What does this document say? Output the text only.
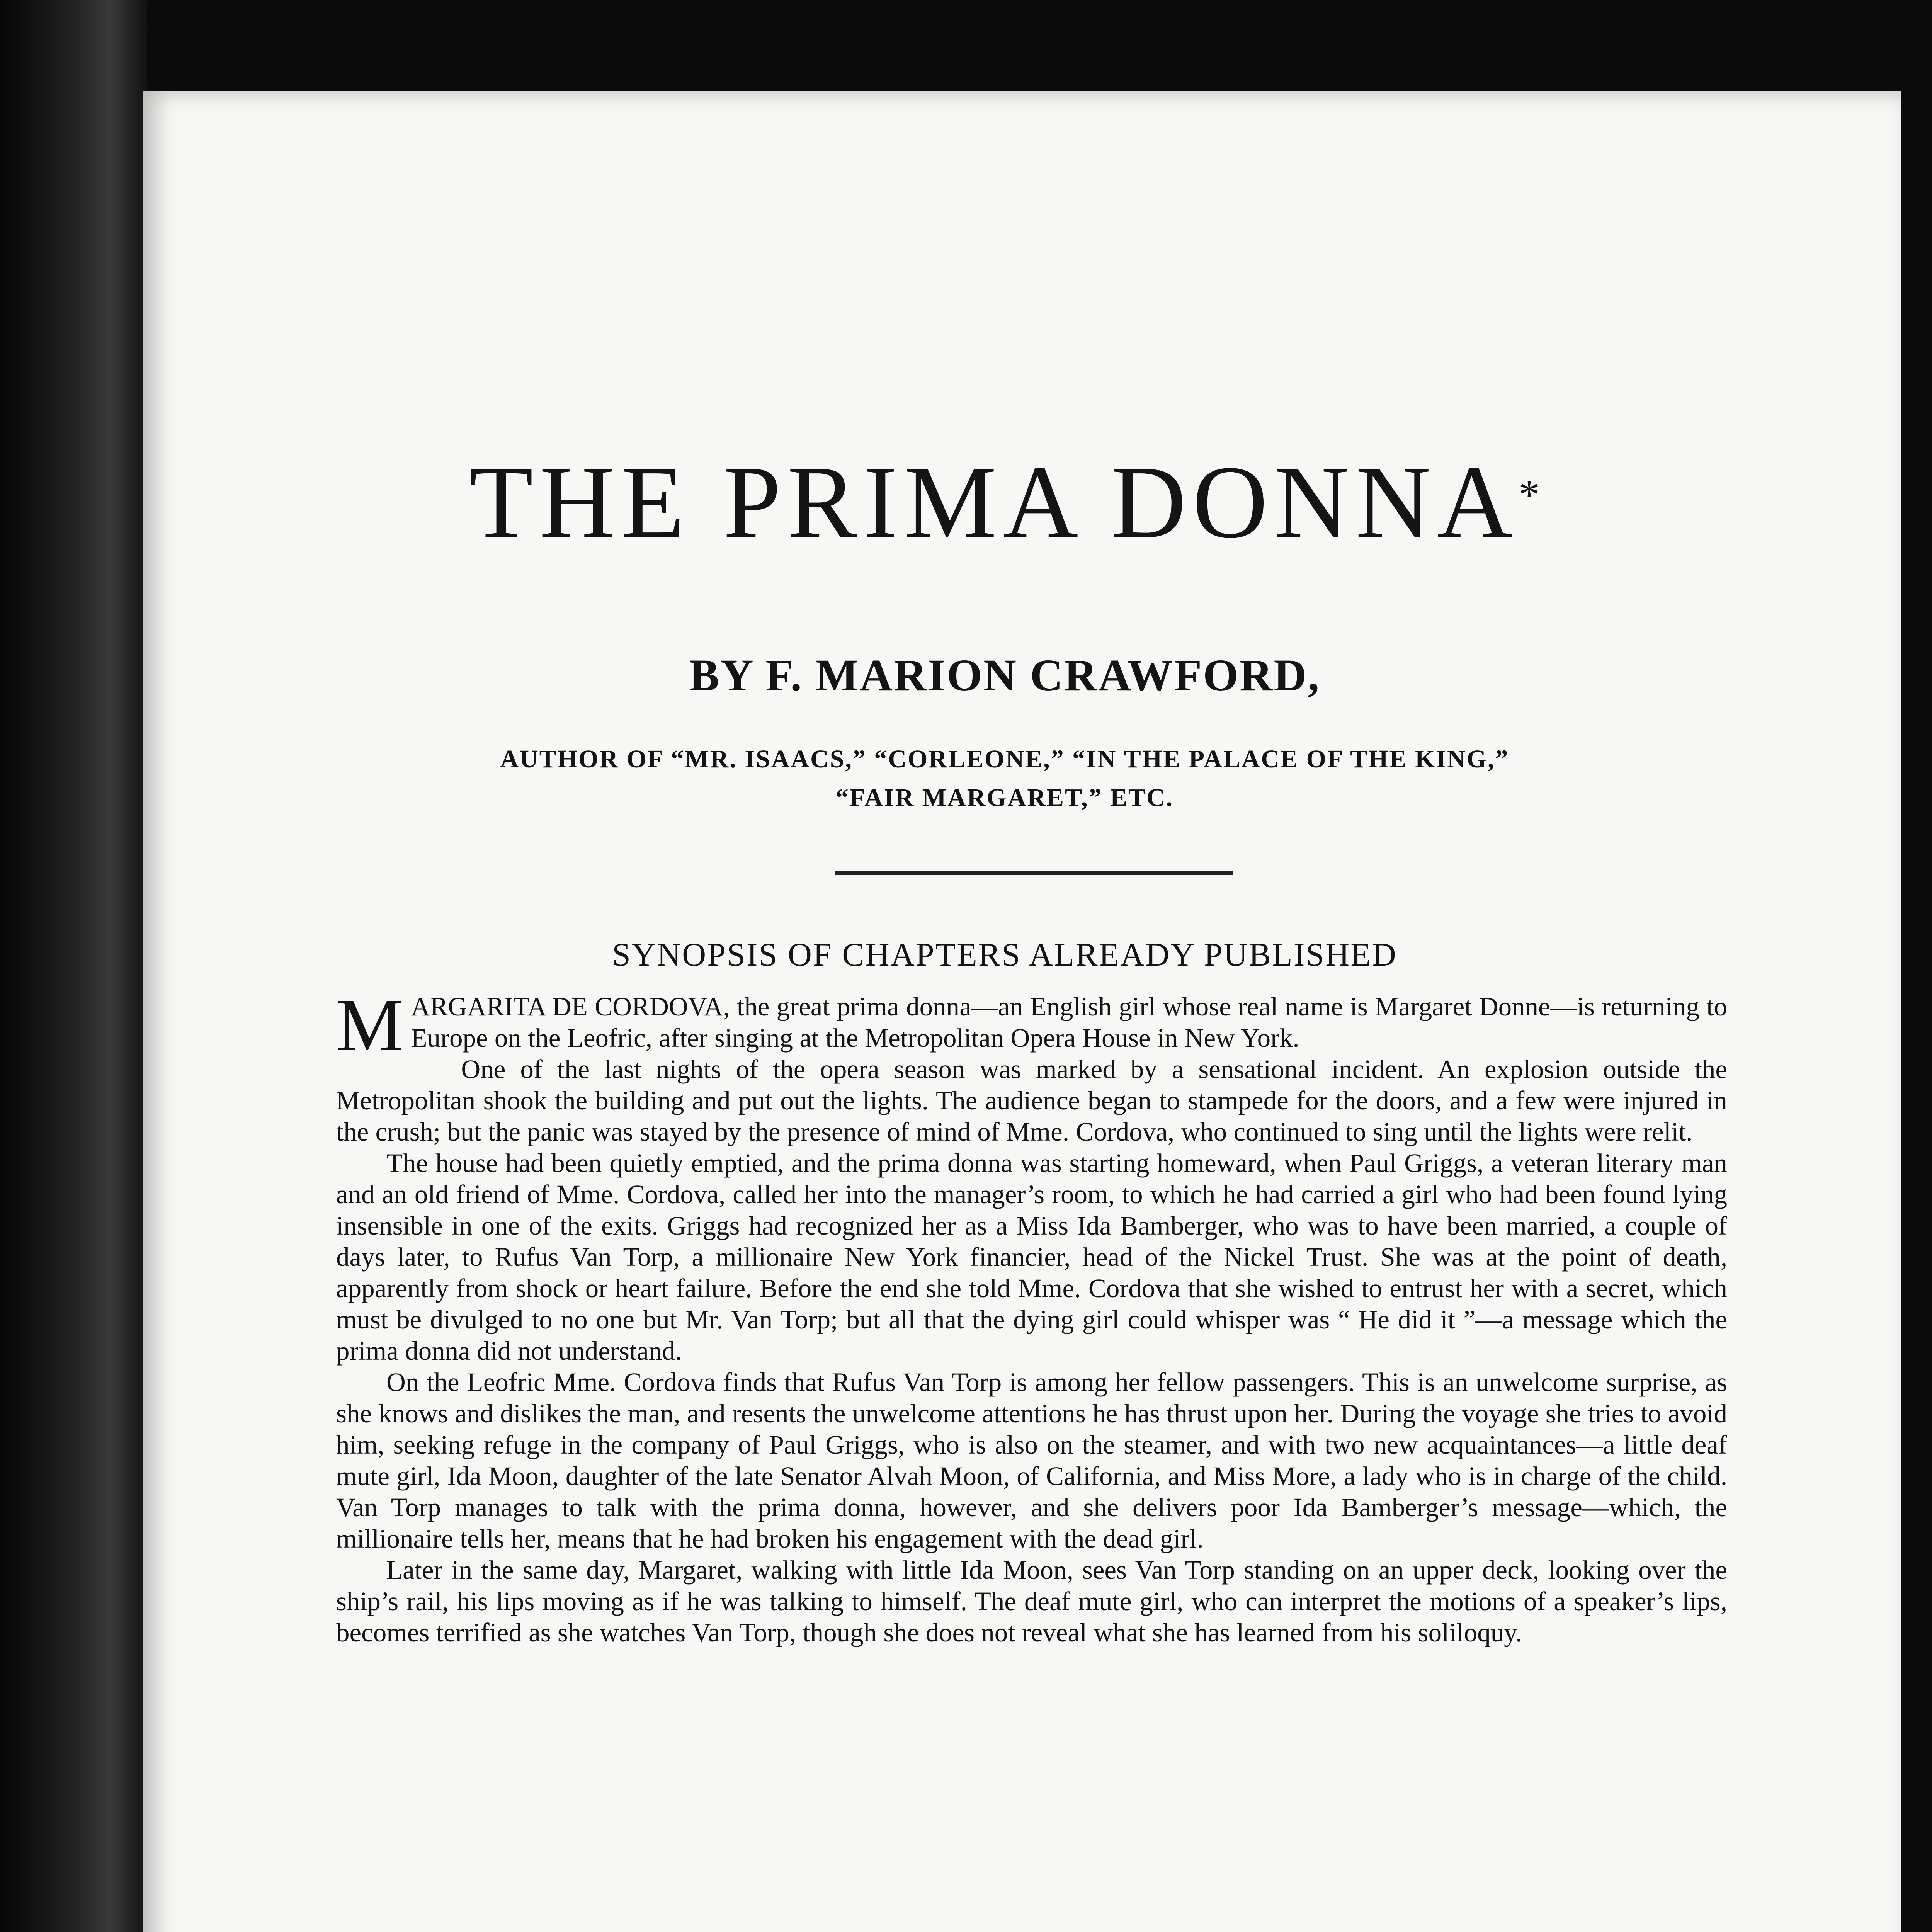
THE PRIMA DONNA*
BY F. MARION CRAWFORD,
AUTHOR OF “MR. ISAACS,” “CORLEONE,” “IN THE PALACE OF THE KING,” “FAIR MARGARET,” ETC.
SYNOPSIS OF CHAPTERS ALREADY PUBLISHED

MARGARITA DE CORDOVA, the great prima donna—an English girl whose real name is Margaret Donne—is returning to Europe on the Leofric, after singing at the Metropolitan Opera House in New York.

One of the last nights of the opera season was marked by a sensational incident. An explosion outside the Metropolitan shook the building and put out the lights. The audience began to stampede for the doors, and a few were injured in the crush; but the panic was stayed by the presence of mind of Mme. Cordova, who continued to sing until the lights were relit.

The house had been quietly emptied, and the prima donna was starting homeward, when Paul Griggs, a veteran literary man and an old friend of Mme. Cordova, called her into the manager’s room, to which he had carried a girl who had been found lying insensible in one of the exits. Griggs had recognized her as a Miss Ida Bamberger, who was to have been married, a couple of days later, to Rufus Van Torp, a millionaire New York financier, head of the Nickel Trust. She was at the point of death, apparently from shock or heart failure. Before the end she told Mme. Cordova that she wished to entrust her with a secret, which must be divulged to no one but Mr. Van Torp; but all that the dying girl could whisper was “ He did it ”—a message which the prima donna did not understand.

On the Leofric Mme. Cordova finds that Rufus Van Torp is among her fellow passengers. This is an unwelcome surprise, as she knows and dislikes the man, and resents the unwelcome attentions he has thrust upon her. During the voyage she tries to avoid him, seeking refuge in the company of Paul Griggs, who is also on the steamer, and with two new acquaintances—a little deaf mute girl, Ida Moon, daughter of the late Senator Alvah Moon, of California, and Miss More, a lady who is in charge of the child. Van Torp manages to talk with the prima donna, however, and she delivers poor Ida Bamberger’s message—which, the millionaire tells her, means that he had broken his engagement with the dead girl.

Later in the same day, Margaret, walking with little Ida Moon, sees Van Torp standing on an upper deck, looking over the ship’s rail, his lips moving as if he was talking to himself. The deaf mute girl, who can interpret the motions of a speaker’s lips, becomes terrified as she watches Van Torp, though she does not reveal what she has learned from his soliloquy.
